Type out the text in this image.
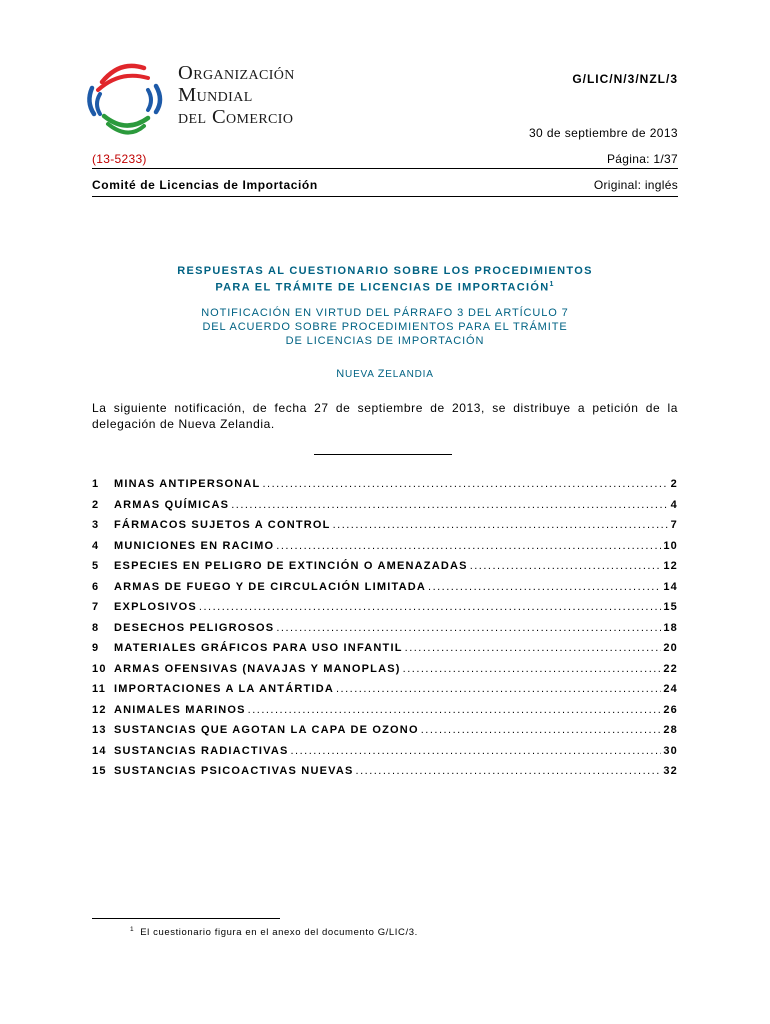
Organización
Mundial
del Comercio
G/LIC/N/3/NZL/3
30 de septiembre de 2013
(13-5233)	Página: 1/37
Comité de Licencias de Importación	Original: inglés
RESPUESTAS AL CUESTIONARIO SOBRE LOS PROCEDIMIENTOS
PARA EL TRÁMITE DE LICENCIAS DE IMPORTACIÓN$^1$
NOTIFICACIÓN EN VIRTUD DEL PÁRRAFO 3 DEL ARTÍCULO 7
DEL ACUERDO SOBRE PROCEDIMIENTOS PARA EL TRÁMITE
DE LICENCIAS DE IMPORTACIÓN
NUEVA ZELANDIA
La siguiente notificación, de fecha 27 de septiembre de 2013, se distribuye a petición de la delegación de Nueva Zelandia.
1	MINAS ANTIPERSONAL .....	2
2	ARMAS QUÍMICAS .....	4
3	FÁRMACOS SUJETOS A CONTROL .....	7
4	MUNICIONES EN RACIMO .....	10
5	ESPECIES EN PELIGRO DE EXTINCIÓN O AMENAZADAS .....	12
6	ARMAS DE FUEGO Y DE CIRCULACIÓN LIMITADA .....	14
7	EXPLOSIVOS .....	15
8	DESECHOS PELIGROSOS .....	18
9	MATERIALES GRÁFICOS PARA USO INFANTIL .....	20
10 ARMAS OFENSIVAS (NAVAJAS Y MANOPLAS) .....	22
11 IMPORTACIONES A LA ANTÁRTIDA .....	24
12 ANIMALES MARINOS .....	26
13 SUSTANCIAS QUE AGOTAN LA CAPA DE OZONO .....	28
14 SUSTANCIAS RADIACTIVAS .....	30
15 SUSTANCIAS PSICOACTIVAS NUEVAS .....	32
$^1$ El cuestionario figura en el anexo del documento G/LIC/3.
